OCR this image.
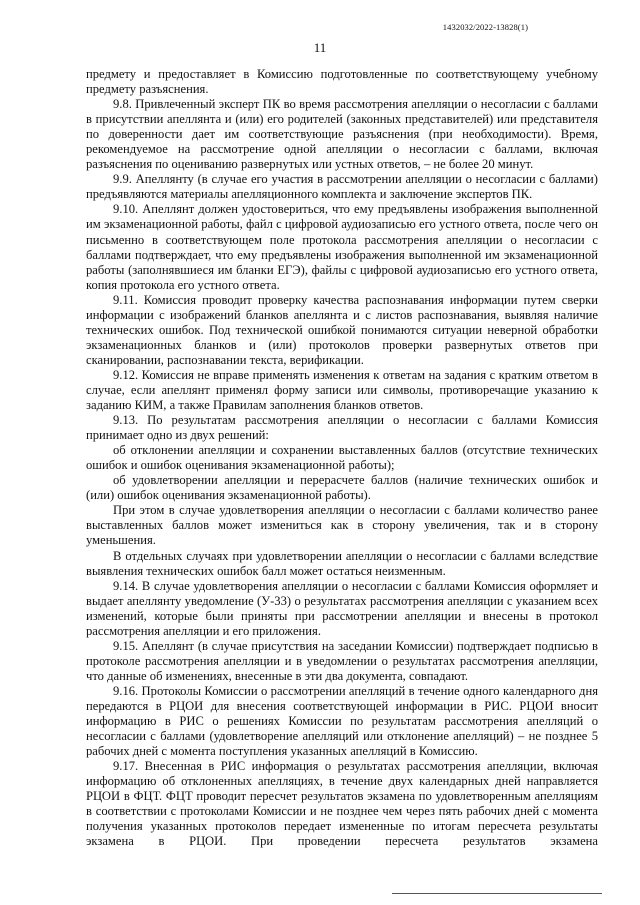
1432032/2022-13828(1)
11

предмету и предоставляет в Комиссию подготовленные по соответствующему учебному предмету разъяснения.

9.8. Привлеченный эксперт ПК во время рассмотрения апелляции о несогласии с баллами в присутствии апеллянта и (или) его родителей (законных представителей) или представителя по доверенности дает им соответствующие разъяснения (при необходимости). Время, рекомендуемое на рассмотрение одной апелляции о несогласии с баллами, включая разъяснения по оцениванию развернутых или устных ответов, – не более 20 минут.

9.9. Апеллянту (в случае его участия в рассмотрении апелляции о несогласии с баллами) предъявляются материалы апелляционного комплекта и заключение экспертов ПК.

9.10. Апеллянт должен удостовериться, что ему предъявлены изображения выполненной им экзаменационной работы, файл с цифровой аудиозаписью его устного ответа, после чего он письменно в соответствующем поле протокола рассмотрения апелляции о несогласии с баллами подтверждает, что ему предъявлены изображения выполненной им экзаменационной работы (заполнявшиеся им бланки ЕГЭ), файлы с цифровой аудиозаписью его устного ответа, копия протокола его устного ответа.

9.11. Комиссия проводит проверку качества распознавания информации путем сверки информации с изображений бланков апеллянта и с листов распознавания, выявляя наличие технических ошибок. Под технической ошибкой понимаются ситуации неверной обработки экзаменационных бланков и (или) протоколов проверки развернутых ответов при сканировании, распознавании текста, верификации.

9.12. Комиссия не вправе применять изменения к ответам на задания с кратким ответом в случае, если апеллянт применял форму записи или символы, противоречащие указанию к заданию КИМ, а также Правилам заполнения бланков ответов.

9.13. По результатам рассмотрения апелляции о несогласии с баллами Комиссия принимает одно из двух решений:

об отклонении апелляции и сохранении выставленных баллов (отсутствие технических ошибок и ошибок оценивания экзаменационной работы);

об удовлетворении апелляции и перерасчете баллов (наличие технических ошибок и (или) ошибок оценивания экзаменационной работы).

При этом в случае удовлетворения апелляции о несогласии с баллами количество ранее выставленных баллов может измениться как в сторону увеличения, так и в сторону уменьшения.

В отдельных случаях при удовлетворении апелляции о несогласии с баллами вследствие выявления технических ошибок балл может остаться неизменным.

9.14. В случае удовлетворения апелляции о несогласии с баллами Комиссия оформляет и выдает апеллянту уведомление (У-33) о результатах рассмотрения апелляции с указанием всех изменений, которые были приняты при рассмотрении апелляции и внесены в протокол рассмотрения апелляции и его приложения.

9.15. Апеллянт (в случае присутствия на заседании Комиссии) подтверждает подписью в протоколе рассмотрения апелляции и в уведомлении о результатах рассмотрения апелляции, что данные об изменениях, внесенные в эти два документа, совпадают.

9.16. Протоколы Комиссии о рассмотрении апелляций в течение одного календарного дня передаются в РЦОИ для внесения соответствующей информации в РИС. РЦОИ вносит информацию в РИС о решениях Комиссии по результатам рассмотрения апелляций о несогласии с баллами (удовлетворение апелляций или отклонение апелляций) – не позднее 5 рабочих дней с момента поступления указанных апелляций в Комиссию.

9.17. Внесенная в РИС информация о результатах рассмотрения апелляции, включая информацию об отклоненных апелляциях, в течение двух календарных дней направляется РЦОИ в ФЦТ. ФЦТ проводит пересчет результатов экзамена по удовлетворенным апелляциям в соответствии с протоколами Комиссии и не позднее чем через пять рабочих дней с момента получения указанных протоколов передает измененные по итогам пересчета результаты экзамена в РЦОИ. При проведении пересчета результатов экзамена
